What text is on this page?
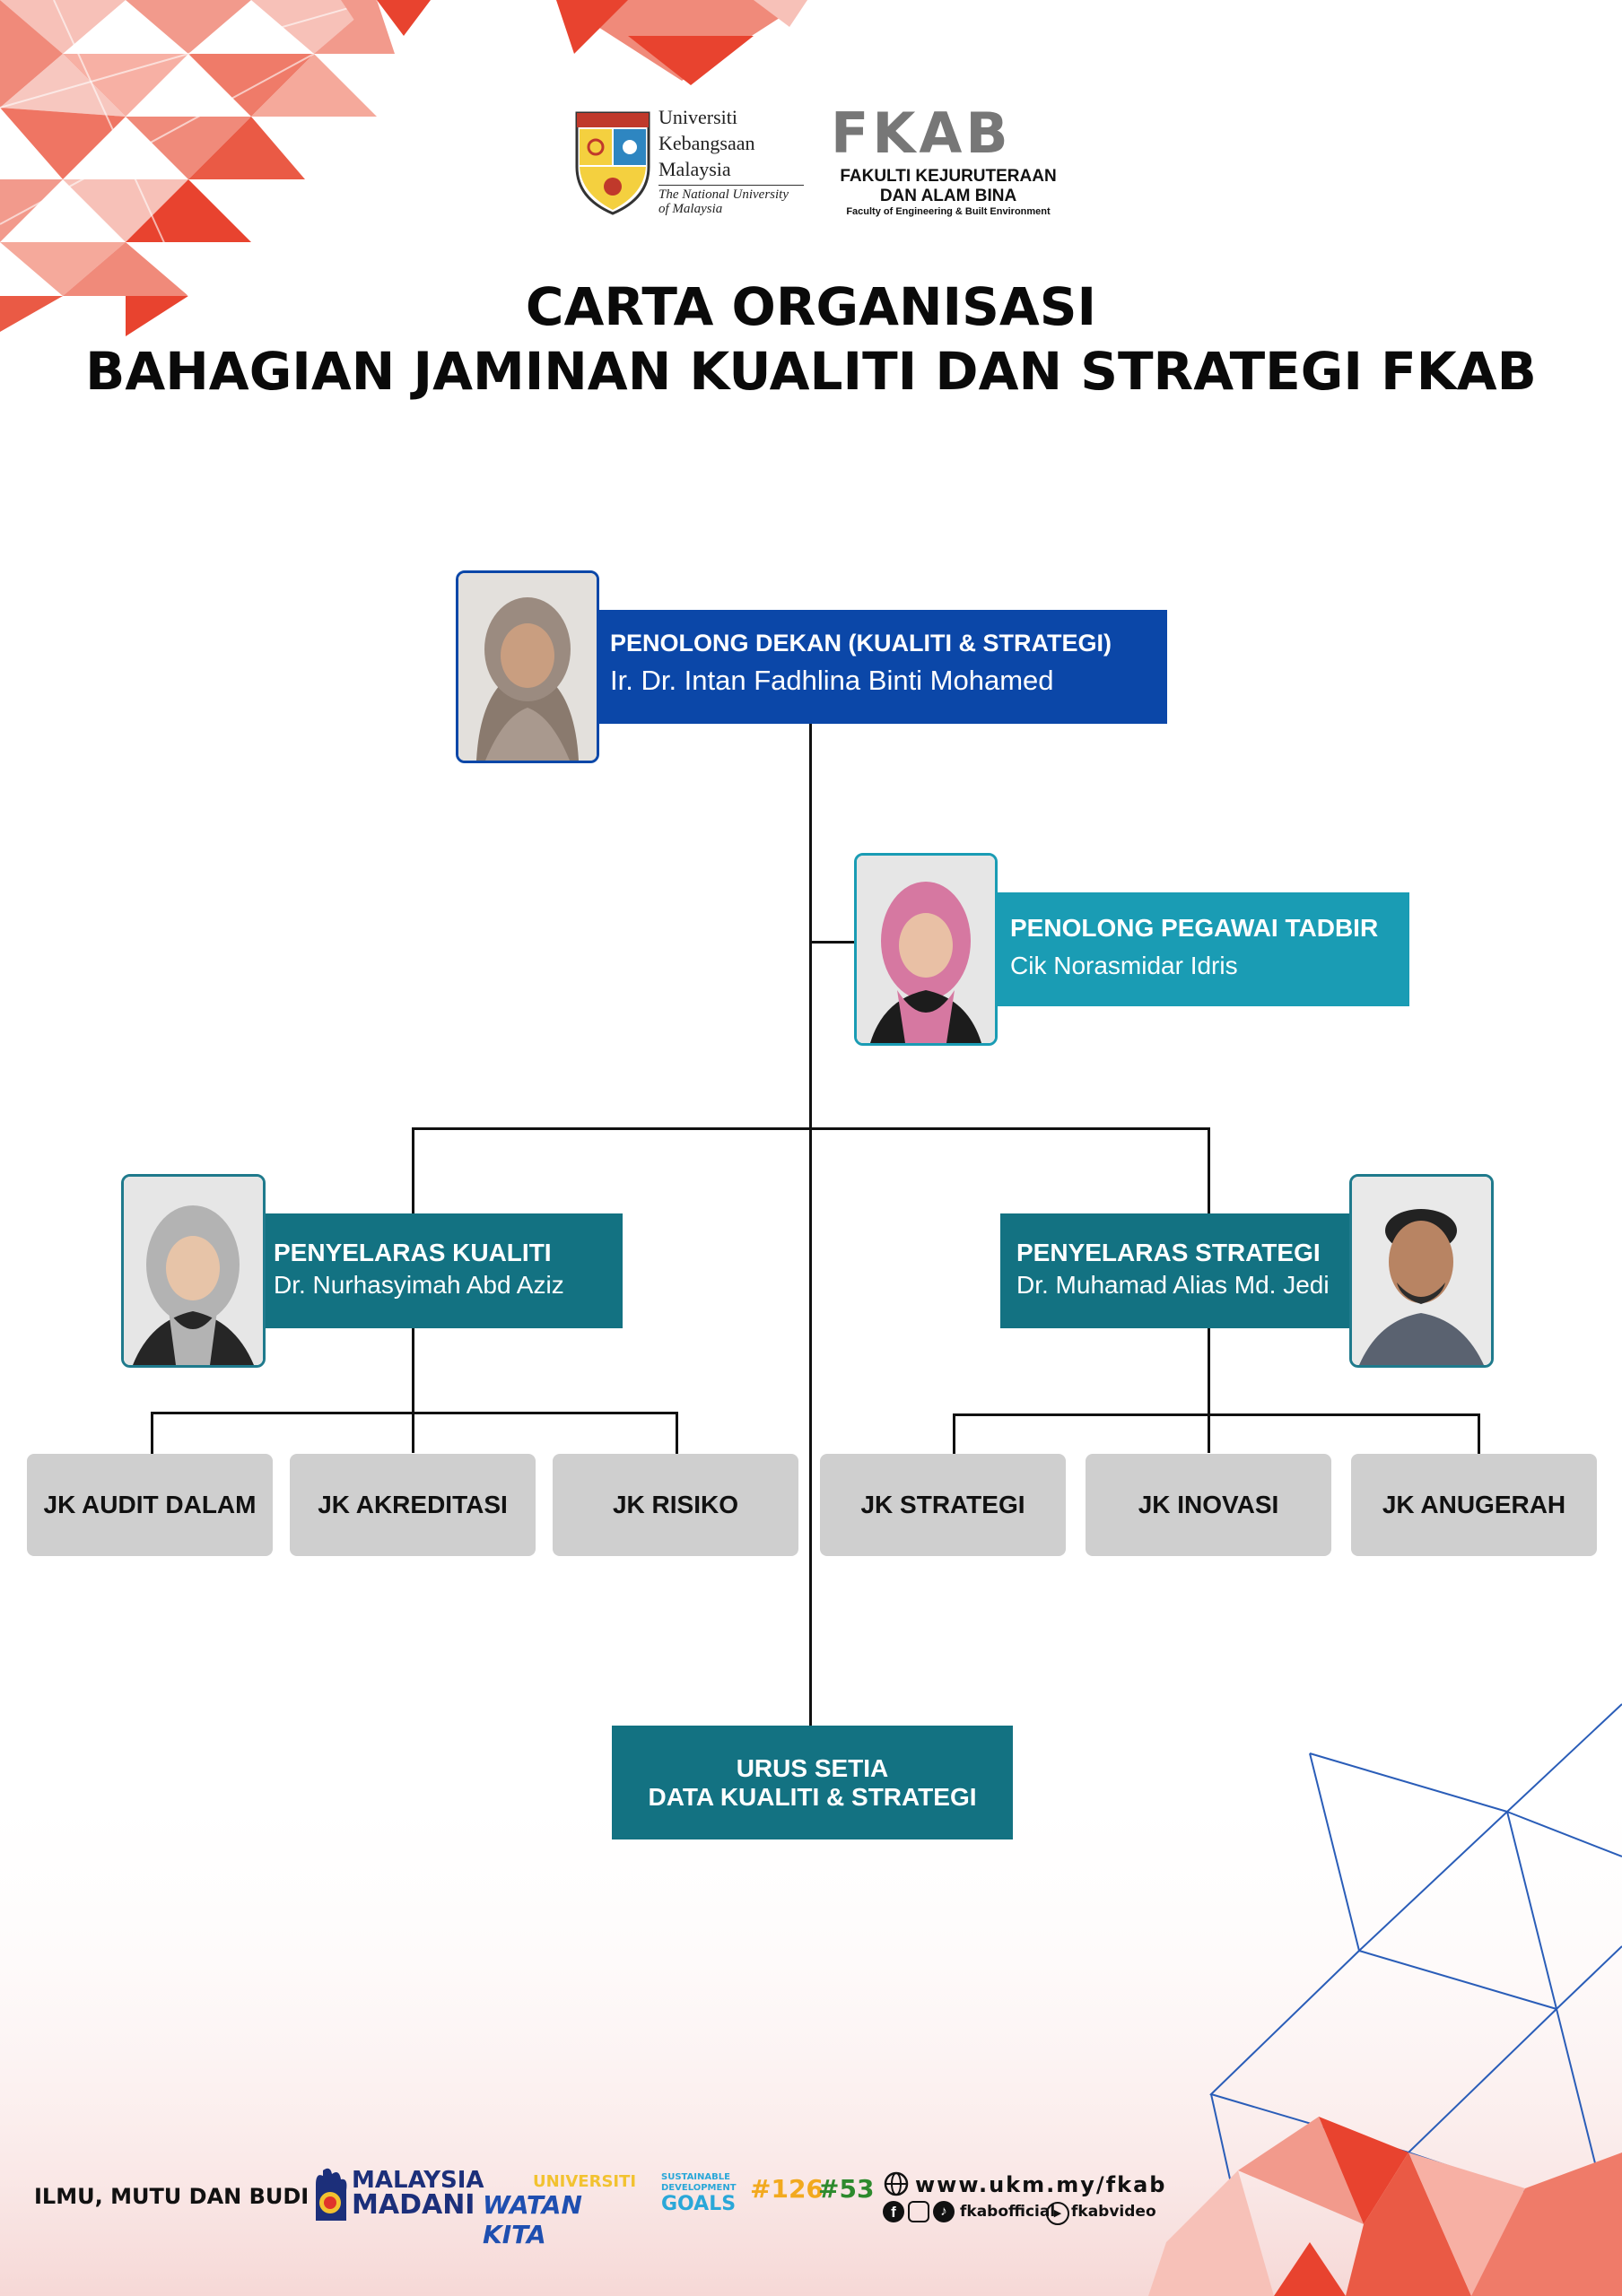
Universiti
Kebangsaan
Malaysia
The National University
of Malaysia
FKAB
FAKULTI KEJURUTERAAN
DAN ALAM BINA
Faculty of Engineering & Built Environment
CARTA ORGANISASI
BAHAGIAN JAMINAN KUALITI DAN STRATEGI FKAB
PENOLONG DEKAN (KUALITI & STRATEGI)
Ir. Dr. Intan Fadhlina Binti Mohamed
PENOLONG PEGAWAI TADBIR
Cik Norasmidar Idris
PENYELARAS KUALITI
Dr. Nurhasyimah Abd Aziz
PENYELARAS STRATEGI
Dr. Muhamad Alias Md. Jedi
JK AUDIT DALAM	JK AKREDITASI	JK RISIKO	JK STRATEGI	JK INOVASI	JK ANUGERAH
URUS SETIA
DATA KUALITI & STRATEGI
ILMU, MUTU DAN BUDI
MALAYSIA
MADANI
UNIVERSITI
WATAN KITA
SUSTAINABLE
DEVELOPMENT
GOALS
#126
#53 www.ukm.my/fkab
f	♪ fkabofficial
▶ fkabvideo
